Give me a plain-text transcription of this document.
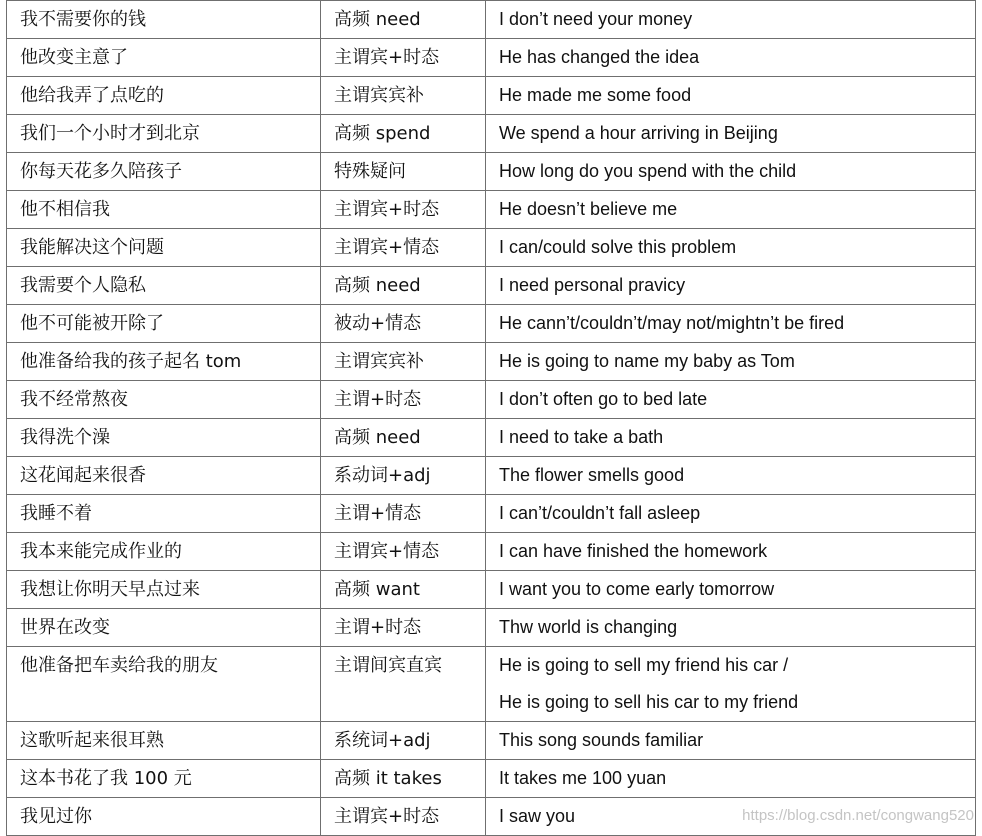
我不需要你的钱	高频 need	I don’t need your money

他改变主意了	主谓宾+时态	He has changed the idea

他给我弄了点吃的	主谓宾宾补	He made me some food

我们一个小时才到北京	高频 spend	We spend a hour arriving in Beijing

你每天花多久陪孩子	特殊疑问	How long do you spend with the child

他不相信我	主谓宾+时态	He doesn’t believe me

我能解决这个问题	主谓宾+情态	I can/could solve this problem

我需要个人隐私	高频 need	I need personal pravicy

他不可能被开除了	被动+情态	He cann’t/couldn’t/may not/mightn’t be fired

他准备给我的孩子起名 tom	主谓宾宾补	He is going to name my baby as Tom

我不经常熬夜	主谓+时态	I don’t often go to bed late

我得洗个澡	高频 need	I need to take a bath

这花闻起来很香	系动词+adj	The flower smells good

我睡不着	主谓+情态	I can’t/couldn’t fall asleep

我本来能完成作业的	主谓宾+情态	I can have finished the homework

我想让你明天早点过来	高频 want	I want you to come early tomorrow

世界在改变	主谓+时态	Thw world is changing

他准备把车卖给我的朋友	主谓间宾直宾	He is going to sell my friend his car /
He is going to sell his car to my friend

这歌听起来很耳熟	系统词+adj	This song sounds familiar

这本书花了我 100 元	高频 it takes	It takes me 100 yuan

我见过你	主谓宾+时态	I saw you	https://blog.csdn.net/congwang520
